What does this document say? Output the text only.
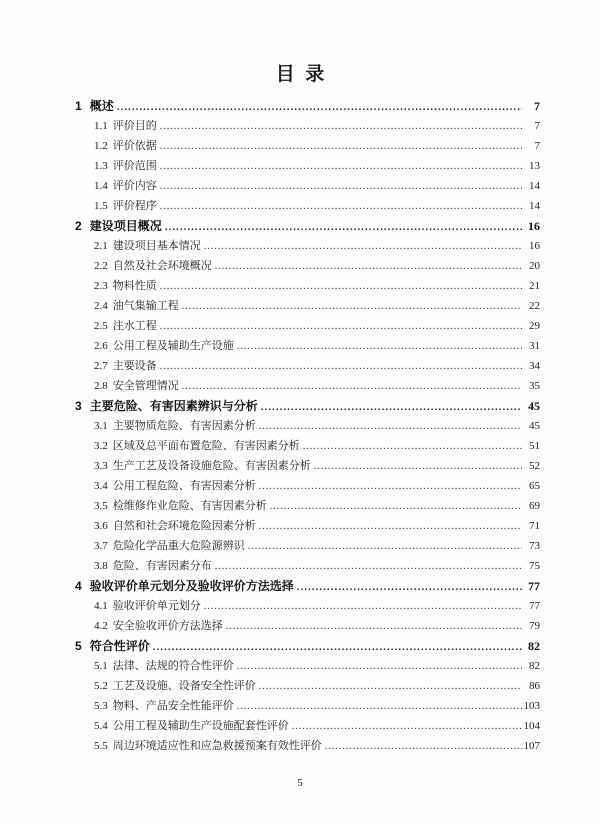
目  录
1 概述 .....	7
1.1 评价目的 .....	7
1.2 评价依据 .....	7
1.3 评价范围 .....	13
1.4 评价内容 .....	14
1.5 评价程序 .....	14
2 建设项目概况 .....	16
2.1 建设项目基本情况 .....	16
2.2 自然及社会环境概况 .....	20
2.3 物料性质 .....	21
2.4 油气集输工程 .....	22
2.5 注水工程 .....	29
2.6 公用工程及辅助生产设施 .....	31
2.7 主要设备 .....	34
2.8 安全管理情况 .....	35
3 主要危险、有害因素辨识与分析 .....	45
3.1 主要物质危险、有害因素分析 .....	45
3.2 区域及总平面布置危险、有害因素分析 .....	51
3.3 生产工艺及设备设施危险、有害因素分析 .....	52
3.4 公用工程危险、有害因素分析 .....	65
3.5 检维修作业危险、有害因素分析 .....	69
3.6 自然和社会环境危险因素分析 .....	71
3.7 危险化学品重大危险源辨识 .....	73
3.8 危险、有害因素分布 .....	75
4 验收评价单元划分及验收评价方法选择 .....	77
4.1 验收评价单元划分 .....	77
4.2 安全验收评价方法选择 .....	79
5 符合性评价 .....	82
5.1 法律、法规的符合性评价 .....	82
5.2 工艺及设施、设备安全性评价 .....	86
5.3 物料、产品安全性能评价 .....	103
5.4 公用工程及辅助生产设施配套性评价 .....	104
5.5 周边环境适应性和应急救援预案有效性评价 .....	107
5
